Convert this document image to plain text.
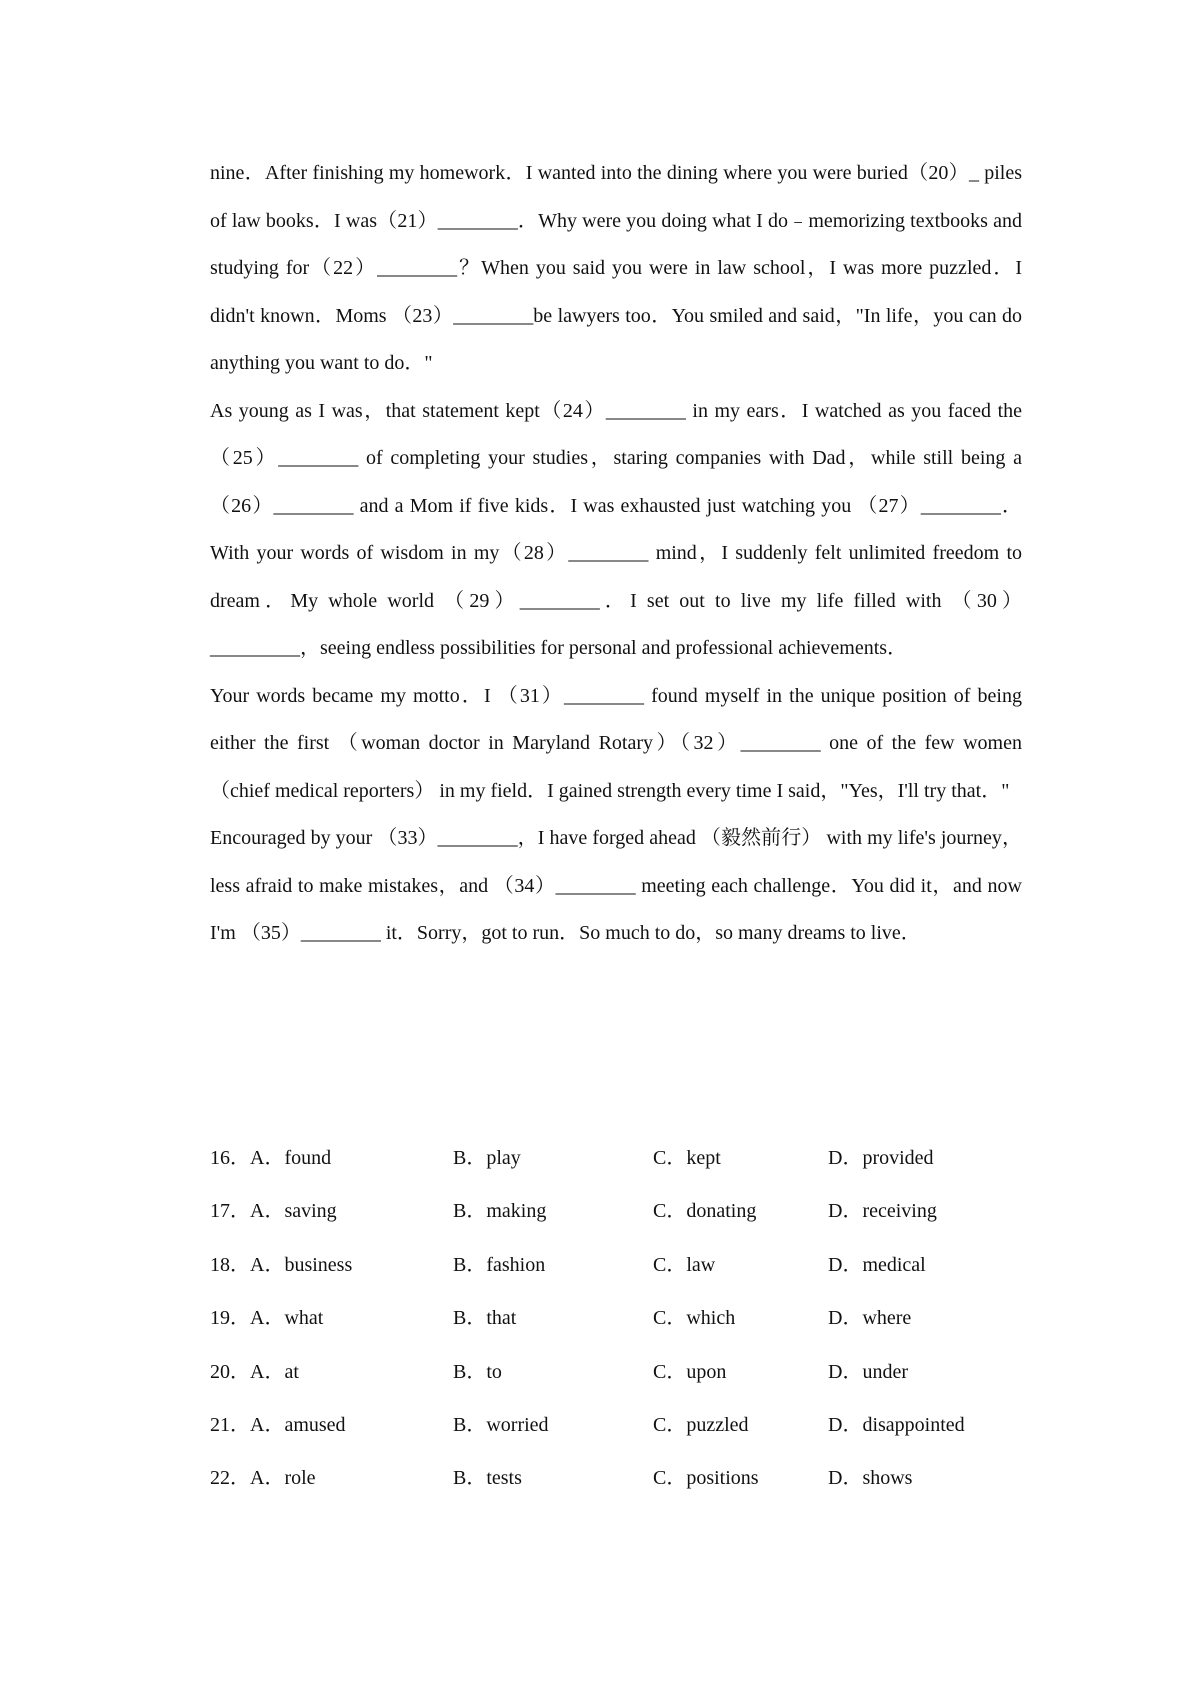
nine．After finishing my homework．I wanted into the dining where you were buried（20）_ piles of law books．I was（21）________．Why were you doing what I do﹣memorizing textbooks and studying for（22）________？When you said you were in law school，I was more puzzled．I didn't known．Moms （23）________be lawyers too．You smiled and said，"In life，you can do anything you want to do．"

As young as I was，that statement kept（24）________ in my ears．I watched as you faced the （25）________ of completing your studies，staring companies with Dad，while still being a （26）________ and a Mom if five kids．I was exhausted just watching you （27）________．With your words of wisdom in my（28）________ mind，I suddenly felt unlimited freedom to dream．My whole world （29）________．I set out to live my life filled with （30）_________，seeing endless possibilities for personal and professional achievements．

Your words became my motto．I （31）________ found myself in the unique position of being either the first （woman doctor in Maryland Rotary）（32）________ one of the few women （chief medical reporters） in my field．I gained strength every time I said，"Yes，I'll try that．"

Encouraged by your （33）________，I have forged ahead （毅然前行） with my life's journey，less afraid to make mistakes，and （34）________ meeting each challenge．You did it，and now I'm （35）________ it．Sorry，got to run．So much to do，so many dreams to live．

16．A．found	B．play	C．kept	D．provided
17．A．saving	B．making	C．donating	D．receiving
18．A．business	B．fashion	C．law	D．medical
19．A．what	B．that	C．which	D．where
20．A．at	B．to	C．upon	D．under
21．A．amused	B．worried	C．puzzled	D．disappointed
22．A．role	B．tests	C．positions	D．shows
